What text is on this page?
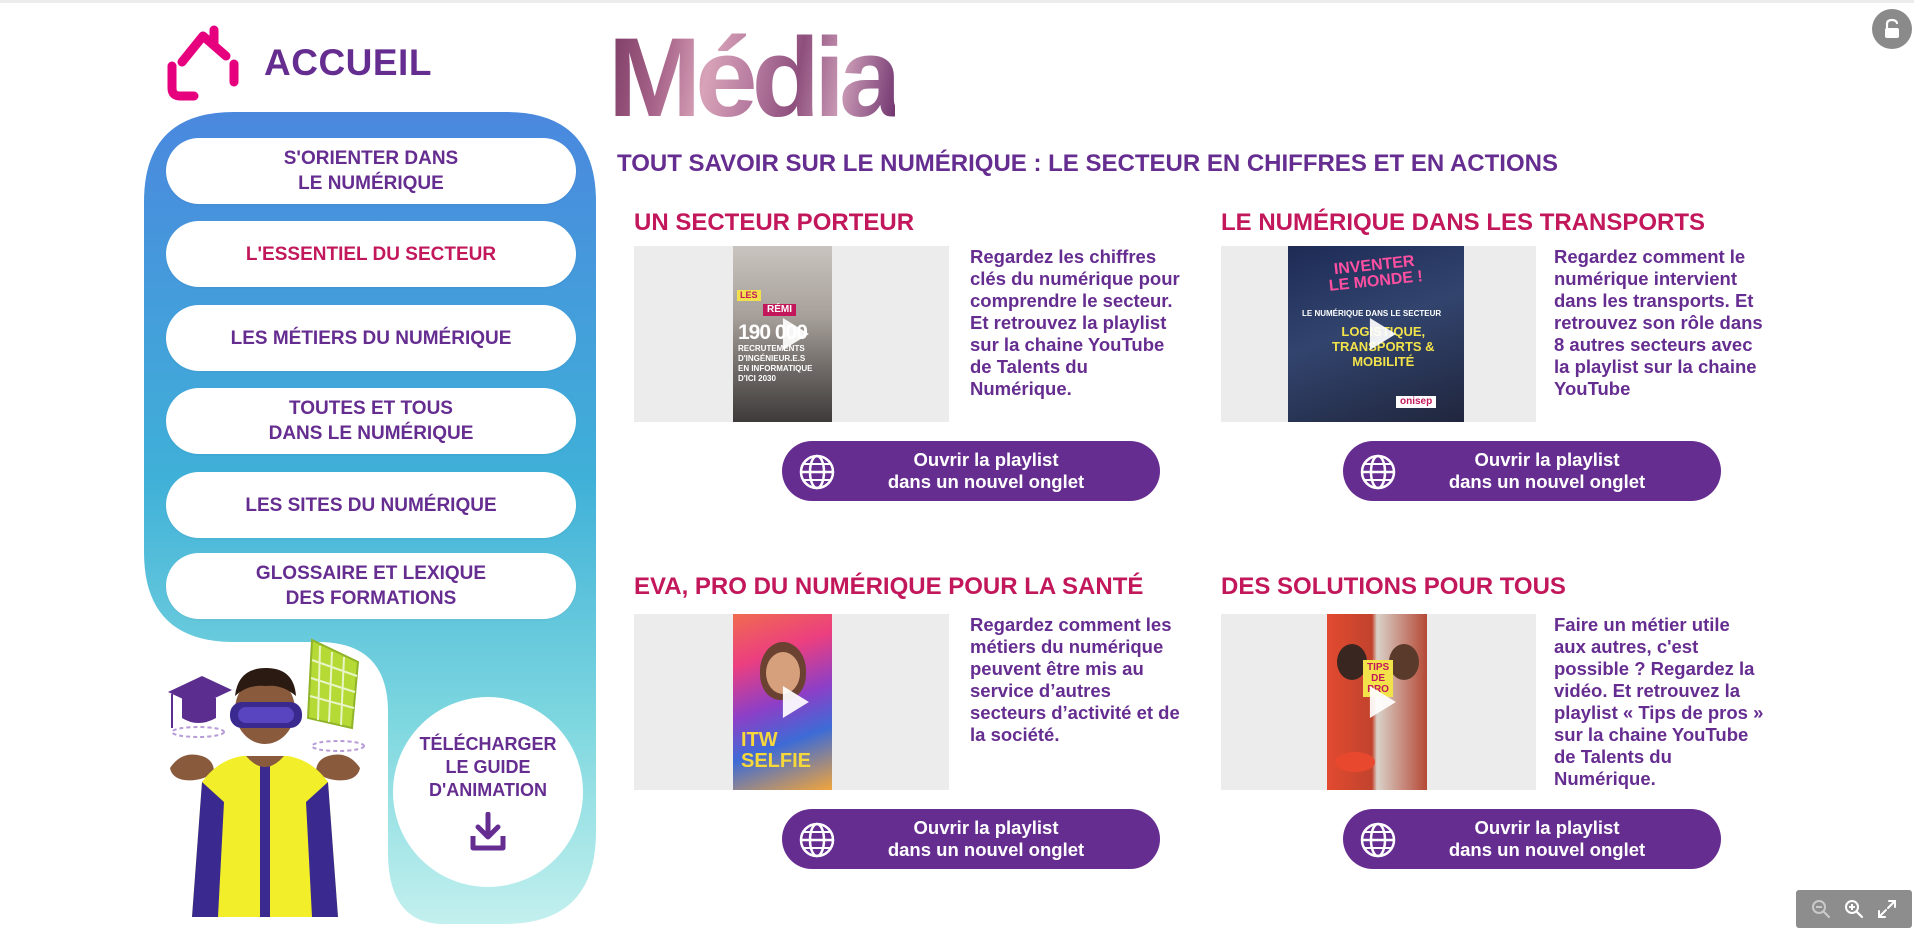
ACCUEIL
S'ORIENTER DANS
LE NUMÉRIQUE
L'ESSENTIEL DU SECTEUR
LES MÉTIERS DU NUMÉRIQUE
TOUTES ET TOUS
DANS LE NUMÉRIQUE
LES SITES DU NUMÉRIQUE
GLOSSAIRE ET LEXIQUE
DES FORMATIONS
TÉLÉCHARGER
LE GUIDE
D'ANIMATION
Média
TOUT SAVOIR SUR LE NUMÉRIQUE : LE SECTEUR EN CHIFFRES ET EN ACTIONS
UN SECTEUR PORTEUR
LES
RÉMI
190 000
RECRUTEMENTS
D'INGÉNIEUR.E.S
EN INFORMATIQUE
D'ICI 2030
Regardez les chiffres clés du numérique pour comprendre le secteur. Et retrouvez la playlist sur la chaine YouTube de Talents du Numérique.
Ouvrir la playlist
dans un nouvel onglet
LE NUMÉRIQUE DANS LES TRANSPORTS
INVENTER
LE MONDE !
LE NUMÉRIQUE DANS LE SECTEUR
LOGISTIQUE,
TRANSPORTS &
MOBILITÉ
onisep
Regardez comment le numérique intervient dans les transports. Et retrouvez son rôle dans 8 autres secteurs avec la playlist sur la chaine YouTube
Ouvrir la playlist
dans un nouvel onglet
EVA, PRO DU NUMÉRIQUE POUR LA SANTÉ
ITW
SELFIE
Regardez comment les métiers du numérique peuvent être mis au service d’autres secteurs d’activité et de la société.
Ouvrir la playlist
dans un nouvel onglet
DES SOLUTIONS POUR TOUS
TIPS
DE
PRO
Faire un métier utile aux autres, c'est possible ? Regardez la vidéo. Et retrouvez la playlist « Tips de pros » sur la chaine YouTube de Talents du Numérique.
Ouvrir la playlist
dans un nouvel onglet
